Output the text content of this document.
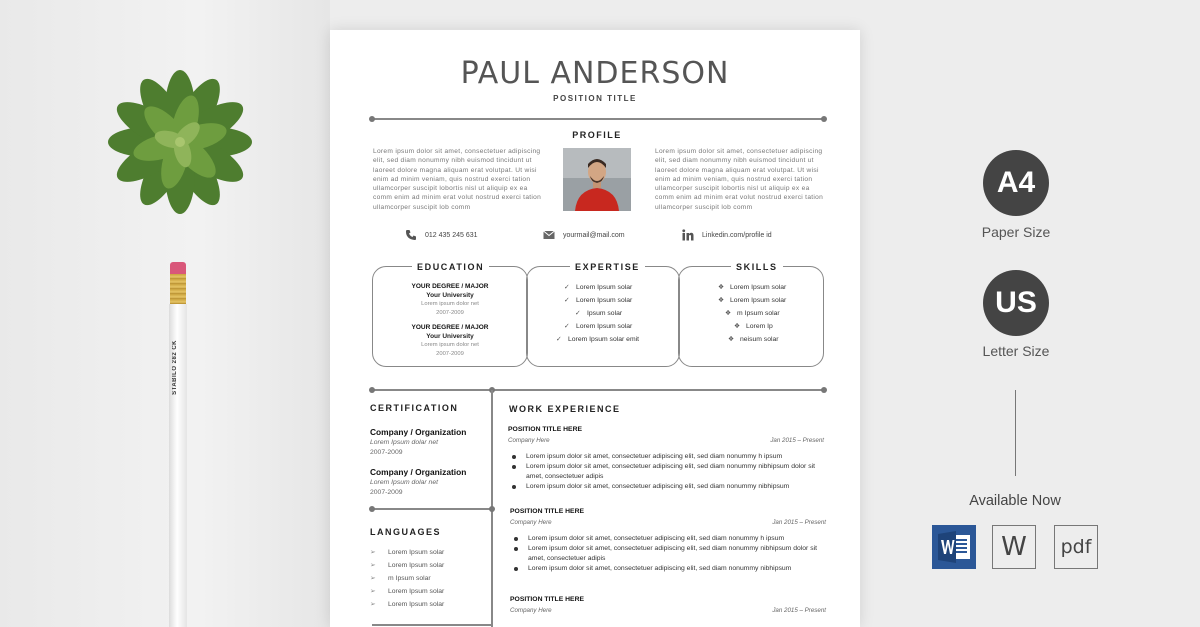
STABILO 282 CK
PAUL ANDERSON
POSITION TITLE
PROFILE
Lorem ipsum dolor sit amet, consectetuer adipiscing elit, sed diam nonummy nibh euismod tincidunt ut laoreet dolore magna aliquam erat volutpat. Ut wisi enim ad minim veniam, quis nostrud exerci tation ullamcorper suscipit lobortis nisl ut aliquip ex ea comm enim ad minim erat volut nostrud exerci tation ullamcorper suscipit lob comm
Lorem ipsum dolor sit amet, consectetuer adipiscing elit, sed diam nonummy nibh euismod tincidunt ut laoreet dolore magna aliquam erat volutpat. Ut wisi enim ad minim veniam, quis nostrud exerci tation ullamcorper suscipit lobortis nisl ut aliquip ex ea comm enim ad minim erat volut nostrud exerci tation ullamcorper suscipit lob comm
012 435 245 631	yourmail@mail.com	Linkedin.com/profile id
EDUCATION	EXPERTISE	SKILLS
YOUR DEGREE / MAJOR
Your University
Lorem ipsum dolor net
2007-2009
YOUR DEGREE / MAJOR
Your University
Lorem ipsum dolor net
2007-2009
✓ Lorem Ipsum solar
✓ Lorem Ipsum solar
✓ Ipsum solar
✓ Lorem Ipsum solar
✓ Lorem Ipsum solar emit
❖ Lorem Ipsum solar
❖ Lorem Ipsum solar
❖ m Ipsum solar
❖ Lorem Ip
❖ neisum solar
CERTIFICATION
Company / Organization
Lorem Ipsum dolar net
2007-2009
Company / Organization
Lorem Ipsum dolar net
2007-2009
LANGUAGES
➢ Lorem Ipsum solar
➢ Lorem Ipsum solar
➢ m Ipsum solar
➢ Lorem Ipsum solar
➢ Lorem Ipsum solar
WORK EXPERIENCE
POSITION TITLE HERE
Company Here	Jan 2015 – Present
Lorem ipsum dolor sit amet, consectetuer adipiscing elit, sed diam nonummy h ipsum
Lorem ipsum dolor sit amet, consectetuer adipiscing elit, sed diam nonummy nibhipsum dolor sit amet, consectetuer adipis
Lorem ipsum dolor sit amet, consectetuer adipiscing elit, sed diam nonummy nibhipsum
POSITION TITLE HERE
Company Here	Jan 2015 – Present
Lorem ipsum dolor sit amet, consectetuer adipiscing elit, sed diam nonummy h ipsum
Lorem ipsum dolor sit amet, consectetuer adipiscing elit, sed diam nonummy nibhipsum dolor sit amet, consectetuer adipis
Lorem ipsum dolor sit amet, consectetuer adipiscing elit, sed diam nonummy nibhipsum
POSITION TITLE HERE
Company Here	Jan 2015 – Present
A4
Paper Size
US
Letter Size
Available Now
W pdf
